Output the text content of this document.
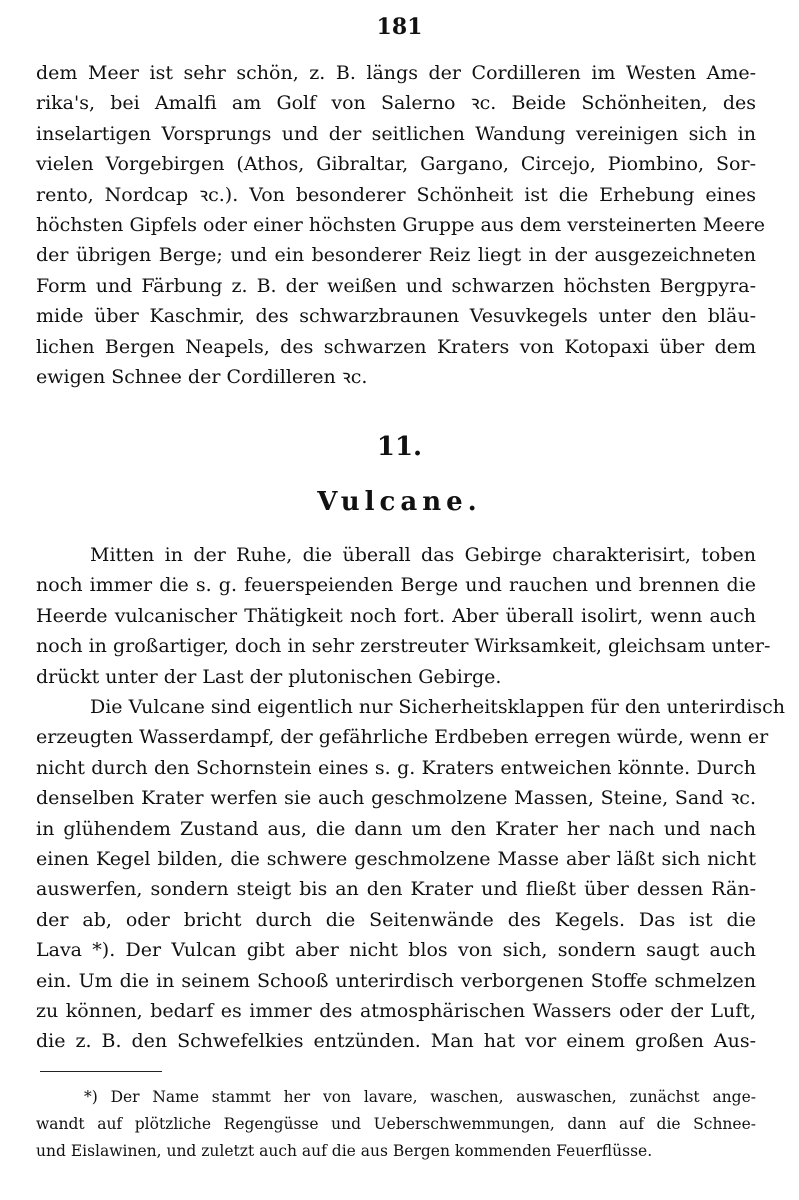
181
dem Meer ist sehr schön, z. B. längs der Cordilleren im Westen Ame-
rika's, bei Amalfi am Golf von Salerno ꝛc. Beide Schönheiten, des
inselartigen Vorsprungs und der seitlichen Wandung vereinigen sich in
vielen Vorgebirgen (Athos, Gibraltar, Gargano, Circejo, Piombino, Sor-
rento, Nordcap ꝛc.). Von besonderer Schönheit ist die Erhebung eines
höchsten Gipfels oder einer höchsten Gruppe aus dem versteinerten Meere
der übrigen Berge; und ein besonderer Reiz liegt in der ausgezeichneten
Form und Färbung z. B. der weißen und schwarzen höchsten Bergpyra-
mide über Kaschmir, des schwarzbraunen Vesuvkegels unter den bläu-
lichen Bergen Neapels, des schwarzen Kraters von Kotopaxi über dem
ewigen Schnee der Cordilleren ꝛc.
11.
Vulcane.
Mitten in der Ruhe, die überall das Gebirge charakterisirt, toben
noch immer die s. g. feuerspeienden Berge und rauchen und brennen die
Heerde vulcanischer Thätigkeit noch fort. Aber überall isolirt, wenn auch
noch in großartiger, doch in sehr zerstreuter Wirksamkeit, gleichsam unter-
drückt unter der Last der plutonischen Gebirge.
Die Vulcane sind eigentlich nur Sicherheitsklappen für den unterirdisch
erzeugten Wasserdampf, der gefährliche Erdbeben erregen würde, wenn er
nicht durch den Schornstein eines s. g. Kraters entweichen könnte. Durch
denselben Krater werfen sie auch geschmolzene Massen, Steine, Sand ꝛc.
in glühendem Zustand aus, die dann um den Krater her nach und nach
einen Kegel bilden, die schwere geschmolzene Masse aber läßt sich nicht
auswerfen, sondern steigt bis an den Krater und fließt über dessen Rän-
der ab, oder bricht durch die Seitenwände des Kegels. Das ist die
Lava *). Der Vulcan gibt aber nicht blos von sich, sondern saugt auch
ein. Um die in seinem Schooß unterirdisch verborgenen Stoffe schmelzen
zu können, bedarf es immer des atmosphärischen Wassers oder der Luft,
die z. B. den Schwefelkies entzünden. Man hat vor einem großen Aus-
*) Der Name stammt her von lavare, waschen, auswaschen, zunächst ange-
wandt auf plötzliche Regengüsse und Ueberschwemmungen, dann auf die Schnee-
und Eislawinen, und zuletzt auch auf die aus Bergen kommenden Feuerflüsse.
